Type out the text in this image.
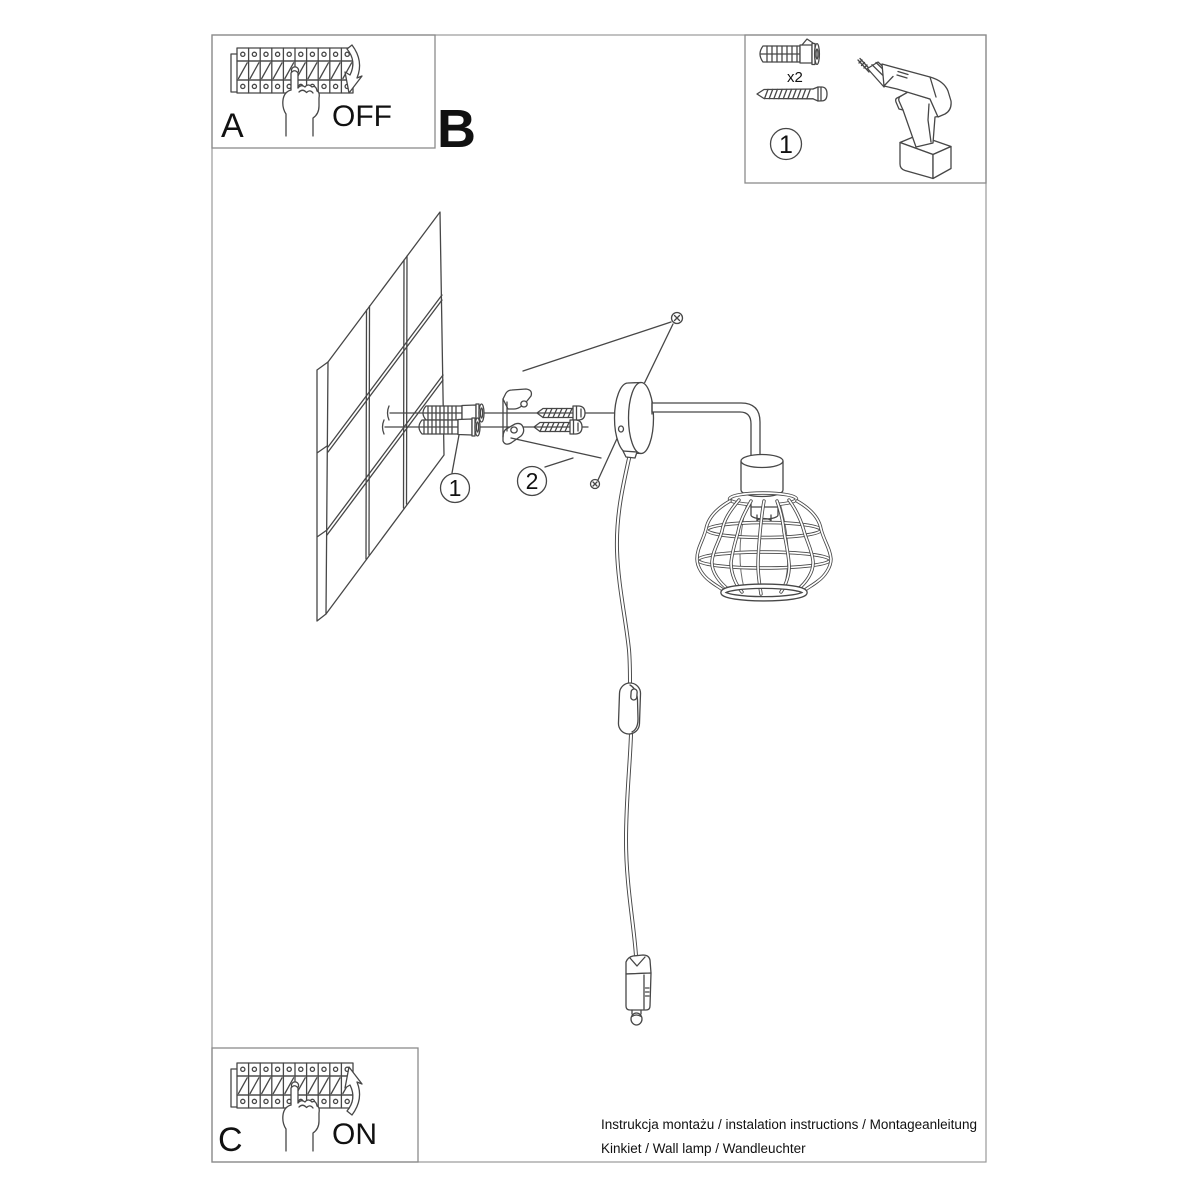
A	OFF B
x2
1
1	2
C	ON	Instrukcja montażu / instalation instructions / Montageanleitung
Kinkiet / Wall lamp / Wandleuchter
